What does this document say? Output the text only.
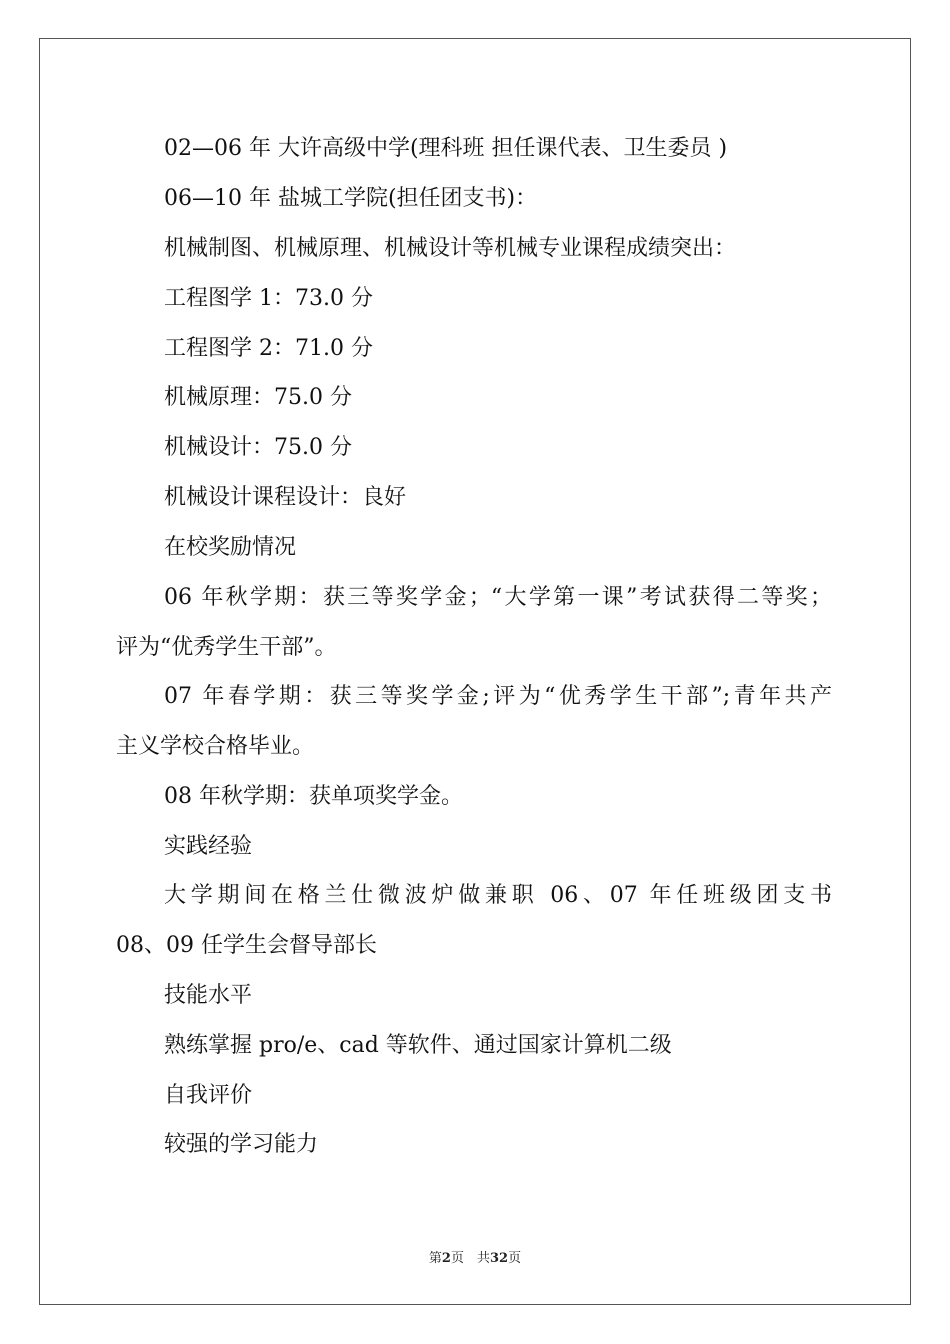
02—06 年 大许高级中学(理科班 担任课代表、卫生委员 )
06—10 年 盐城工学院(担任团支书)：
机械制图、机械原理、机械设计等机械专业课程成绩突出：
工程图学 1：73.0 分
工程图学 2：71.0 分
机械原理：75.0 分
机械设计：75.0 分
机械设计课程设计：良好
在校奖励情况
06 年秋学期：获三等奖学金；“大学第一课”考试获得二等奖；
评为“优秀学生干部”。
07 年春学期：获三等奖学金;评为“优秀学生干部”;青年共产
主义学校合格毕业。
08 年秋学期：获单项奖学金。
实践经验
大学期间在格兰仕微波炉做兼职 06、07 年任班级团支书
08、09 任学生会督导部长
技能水平
熟练掌握 pro/e、cad 等软件、通过国家计算机二级
自我评价
较强的学习能力
第2页　共32页
